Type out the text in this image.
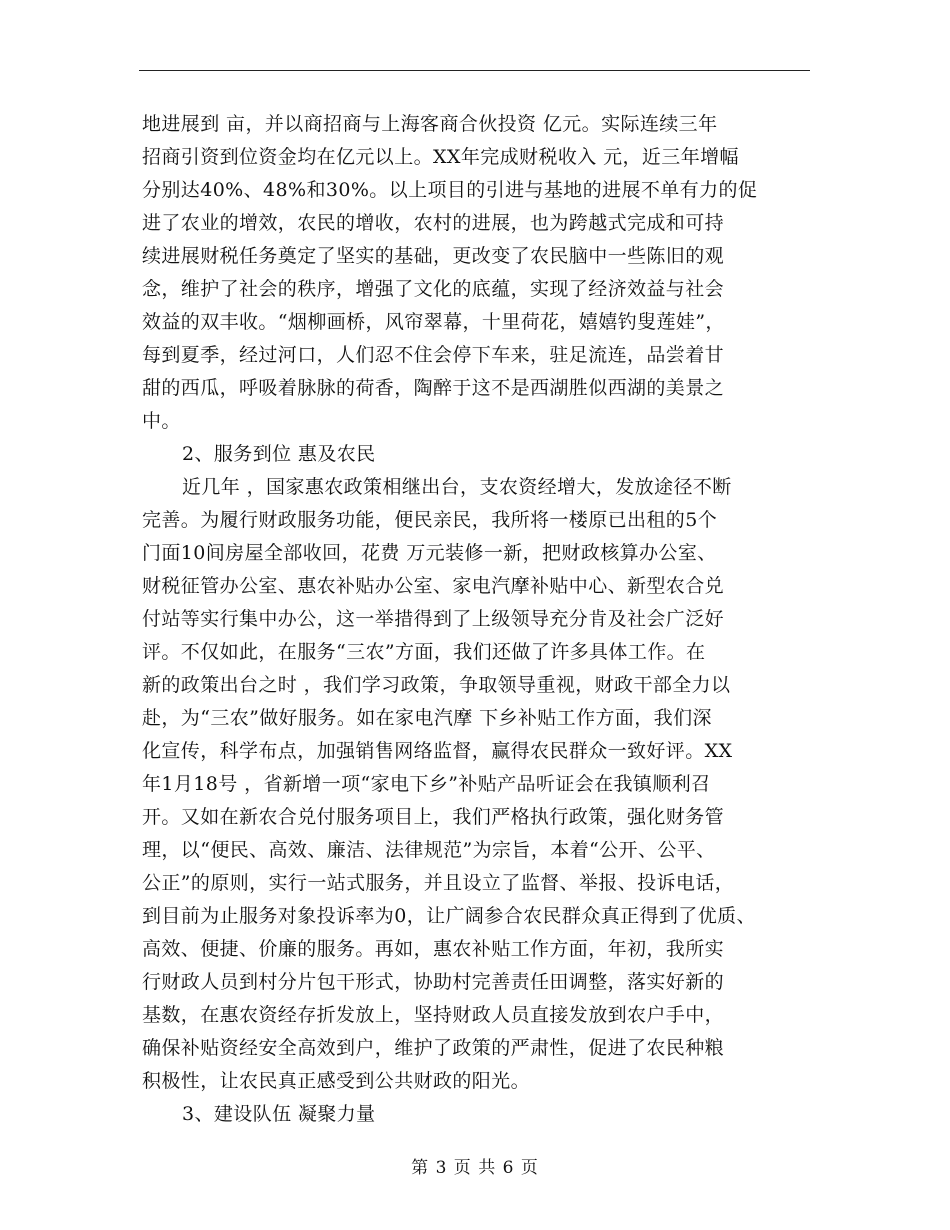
地进展到 亩，并以商招商与上海客商合伙投资 亿元。实际连续三年
招商引资到位资金均在亿元以上。XX年完成财税收入 元，近三年增幅
分别达40%、48%和30%。以上项目的引进与基地的进展不单有力的促
进了农业的增效，农民的增收，农村的进展，也为跨越式完成和可持
续进展财税任务奠定了坚实的基础，更改变了农民脑中一些陈旧的观
念，维护了社会的秩序，增强了文化的底蕴，实现了经济效益与社会
效益的双丰收。“烟柳画桥，风帘翠幕，十里荷花，嬉嬉钓叟莲娃”，
每到夏季，经过河口，人们忍不住会停下车来，驻足流连，品尝着甘
甜的西瓜，呼吸着脉脉的荷香，陶醉于这不是西湖胜似西湖的美景之
中。
2、服务到位 惠及农民
近几年 ，国家惠农政策相继出台，支农资经增大，发放途径不断
完善。为履行财政服务功能，便民亲民，我所将一楼原已出租的5个
门面10间房屋全部收回，花费 万元装修一新，把财政核算办公室、
财税征管办公室、惠农补贴办公室、家电汽摩补贴中心、新型农合兑
付站等实行集中办公，这一举措得到了上级领导充分肯及社会广泛好
评。不仅如此，在服务“三农”方面，我们还做了许多具体工作。在
新的政策出台之时 ，我们学习政策，争取领导重视，财政干部全力以
赴，为“三农”做好服务。如在家电汽摩 下乡补贴工作方面，我们深
化宣传，科学布点，加强销售网络监督，赢得农民群众一致好评。XX
年1月18号 ，省新增一项“家电下乡”补贴产品听证会在我镇顺利召
开。又如在新农合兑付服务项目上，我们严格执行政策，强化财务管
理，以“便民、高效、廉洁、法律规范”为宗旨，本着“公开、公平、
公正”的原则，实行一站式服务，并且设立了监督、举报、投诉电话，
到目前为止服务对象投诉率为0，让广阔参合农民群众真正得到了优质、
高效、便捷、价廉的服务。再如，惠农补贴工作方面，年初，我所实
行财政人员到村分片包干形式，协助村完善责任田调整，落实好新的
基数，在惠农资经存折发放上，坚持财政人员直接发放到农户手中，
确保补贴资经安全高效到户，维护了政策的严肃性，促进了农民种粮
积极性，让农民真正感受到公共财政的阳光。
3、建设队伍 凝聚力量
第 3 页 共 6 页
